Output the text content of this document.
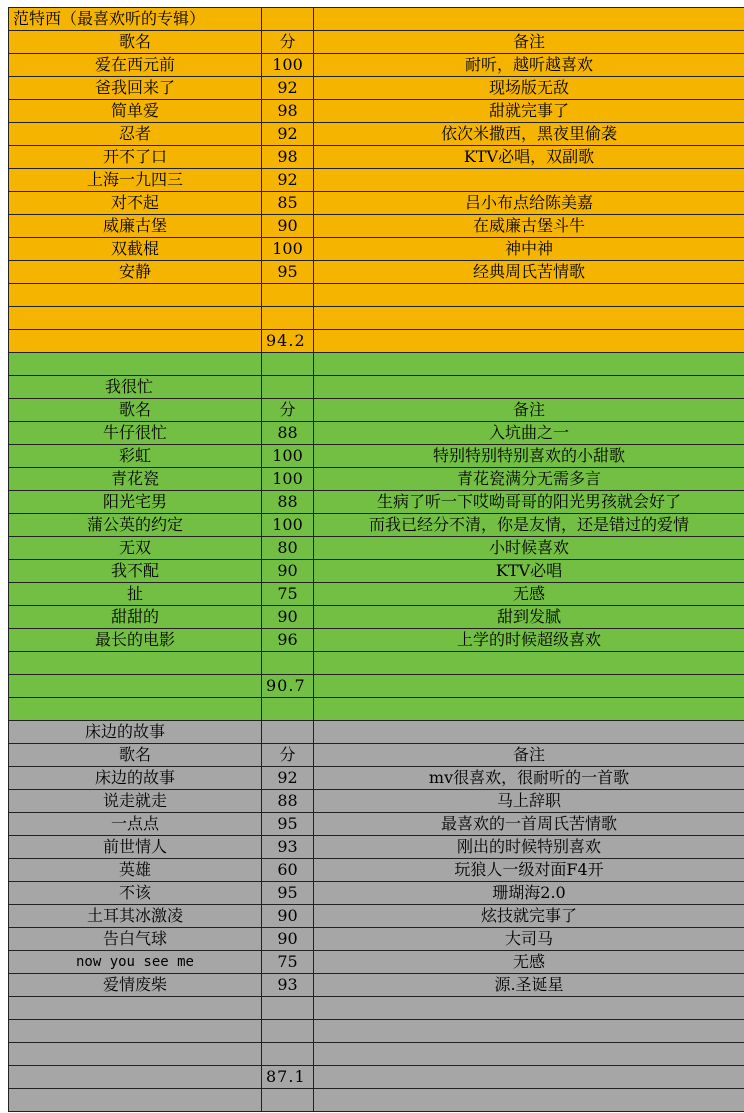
范特西（最喜欢听的专辑）		
歌名	分	备注
爱在西元前	100	耐听，越听越喜欢
爸我回来了	92	现场版无敌
简单爱	98	甜就完事了
忍者	92	依次米撒西，黑夜里偷袭
开不了口	98	KTV必唱，双副歌
上海一九四三	92	
对不起	85	吕小布点给陈美嘉
威廉古堡	90	在威廉古堡斗牛
双截棍	100	神中神
安静	95	经典周氏苦情歌

	94.2	

我很忙		
歌名	分	备注
牛仔很忙	88	入坑曲之一
彩虹	100	特别特别特别喜欢的小甜歌
青花瓷	100	青花瓷满分无需多言
阳光宅男	88	生病了听一下哎呦哥哥的阳光男孩就会好了
蒲公英的约定	100	而我已经分不清，你是友情，还是错过的爱情
无双	80	小时候喜欢
我不配	90	KTV必唱
扯	75	无感
甜甜的	90	甜到发腻
最长的电影	96	上学的时候超级喜欢

	90.7	

床边的故事		
歌名	分	备注
床边的故事	92	mv很喜欢，很耐听的一首歌
说走就走	88	马上辞职
一点点	95	最喜欢的一首周氏苦情歌
前世情人	93	刚出的时候特别喜欢
英雄	60	玩狼人一级对面F4开
不该	95	珊瑚海2.0
土耳其冰激凌	90	炫技就完事了
告白气球	90	大司马
now you see me	75	无感
爱情废柴	93	源.圣诞星

	87.1	
